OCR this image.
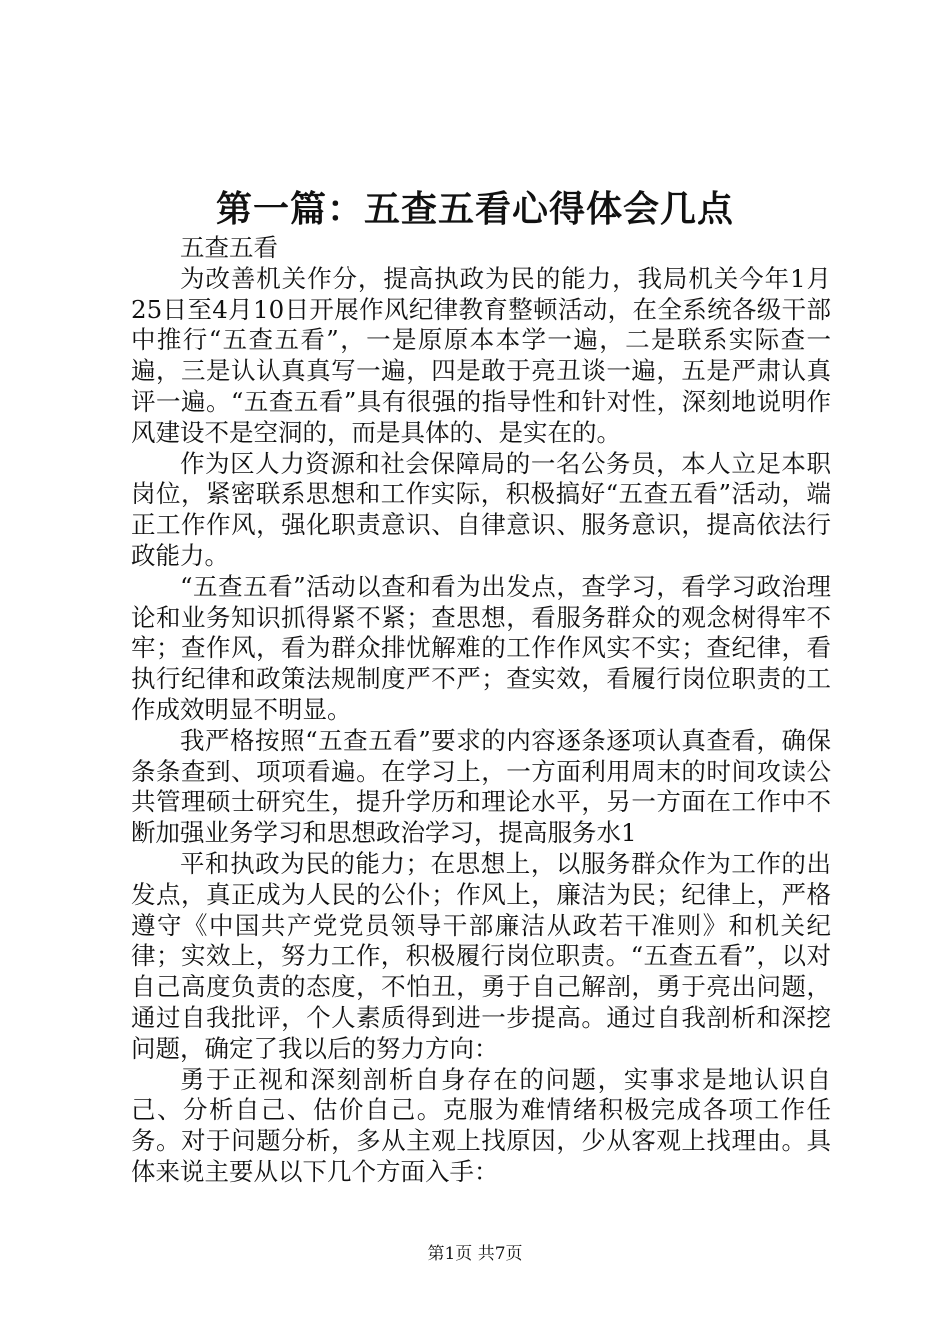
第一篇：五查五看心得体会几点

五查五看

为改善机关作分，提高执政为民的能力，我局机关今年1月25日至4月10日开展作风纪律教育整顿活动，在全系统各级干部中推行“五查五看”，一是原原本本学一遍，二是联系实际查一遍，三是认认真真写一遍，四是敢于亮丑谈一遍，五是严肃认真评一遍。“五查五看”具有很强的指导性和针对性，深刻地说明作风建设不是空洞的，而是具体的、是实在的。

作为区人力资源和社会保障局的一名公务员，本人立足本职岗位，紧密联系思想和工作实际，积极搞好“五查五看”活动，端正工作作风，强化职责意识、自律意识、服务意识，提高依法行政能力。

“五查五看”活动以查和看为出发点，查学习，看学习政治理论和业务知识抓得紧不紧；查思想，看服务群众的观念树得牢不牢；查作风，看为群众排忧解难的工作作风实不实；查纪律，看执行纪律和政策法规制度严不严；查实效，看履行岗位职责的工作成效明显不明显。

我严格按照“五查五看”要求的内容逐条逐项认真查看，确保条条查到、项项看遍。在学习上，一方面利用周末的时间攻读公共管理硕士研究生，提升学历和理论水平，另一方面在工作中不断加强业务学习和思想政治学习，提高服务水1

平和执政为民的能力；在思想上，以服务群众作为工作的出发点，真正成为人民的公仆；作风上，廉洁为民；纪律上，严格遵守《中国共产党党员领导干部廉洁从政若干准则》和机关纪律；实效上，努力工作，积极履行岗位职责。“五查五看”，以对自己高度负责的态度，不怕丑，勇于自己解剖，勇于亮出问题，通过自我批评，个人素质得到进一步提高。通过自我剖析和深挖问题，确定了我以后的努力方向：

勇于正视和深刻剖析自身存在的问题，实事求是地认识自己、分析自己、估价自己。克服为难情绪积极完成各项工作任务。对于问题分析，多从主观上找原因，少从客观上找理由。具体来说主要从以下几个方面入手：

第1页 共7页
